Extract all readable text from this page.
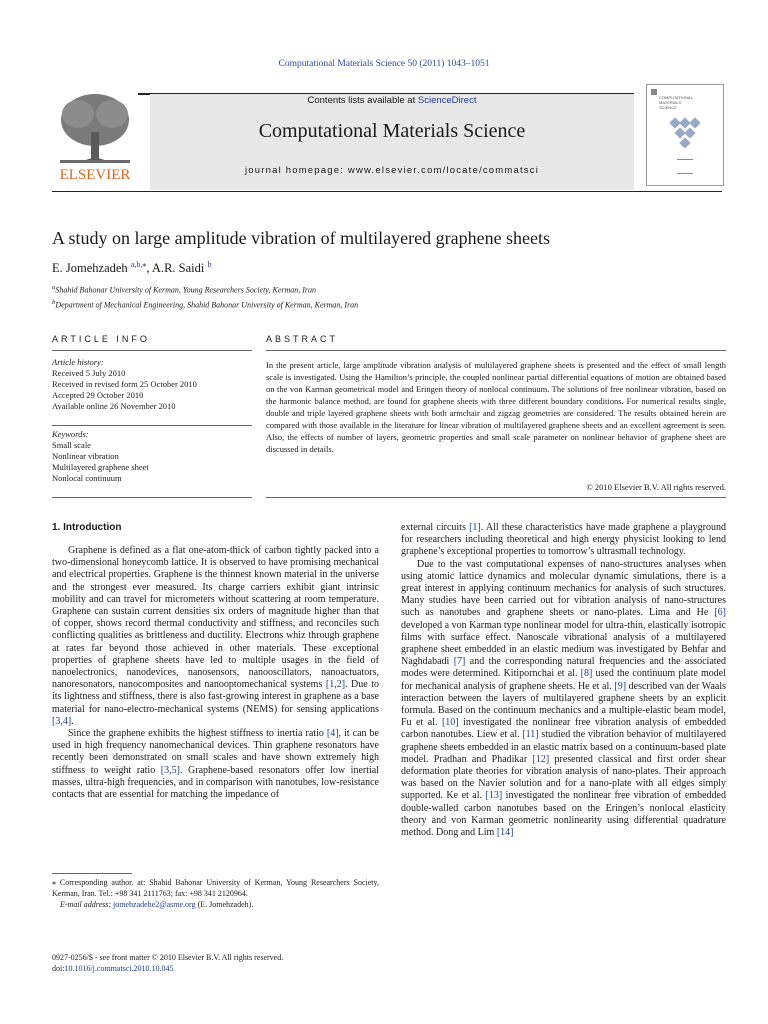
Computational Materials Science 50 (2011) 1043–1051
ELSEVIER
Contents lists available at ScienceDirect
Computational Materials Science
journal homepage: www.elsevier.com/locate/commatsci
COMPUTATIONAL
MATERIALS
SCIENCE
A study on large amplitude vibration of multilayered graphene sheets
E. Jomehzadeh $^{a,b,⁎}$, A.R. Saidi $^b$
$^a$Shahid Bahonar University of Kerman, Young Researchers Society, Kerman, Iran
$^b$Department of Mechanical Engineering, Shahid Bahonar University of Kerman, Kerman, Iran
ARTICLE INFO	ABSTRACT
Article history:
Received 5 July 2010
Received in revised form 25 October 2010
Accepted 29 October 2010
Available online 26 November 2010
Keywords:
Small scale
Nonlinear vibration
Multilayered graphene sheet
Nonlocal continuum
In the present article, large amplitude vibration analysis of multilayered graphene sheets is presented and the effect of small length scale is investigated. Using the Hamilton’s principle, the coupled nonlinear partial differential equations of motion are obtained based on the von Karman geometrical model and Eringen theory of nonlocal continuum. The solutions of free nonlinear vibration, based on the harmonic balance method, are found for graphene sheets with three different boundary conditions. For numerical results single, double and triple layered graphene sheets with both armchair and zigzag geometries are considered. The results obtained herein are compared with those available in the literature for linear vibration of multilayered graphene sheets and an excellent agreement is seen. Also, the effects of number of layers, geometric properties and small scale parameter on nonlinear behavior of graphene sheet are discussed in details.
© 2010 Elsevier B.V. All rights reserved.
1. Introduction

Graphene is defined as a flat one-atom-thick of carbon tightly packed into a two-dimensional honeycomb lattice. It is observed to have promising mechanical and electrical properties. Graphene is the thinnest known material in the universe and the strongest ever measured. Its charge carriers exhibit giant intrinsic mobility and can travel for micrometers without scattering at room temperature. Graphene can sustain current densities six orders of magnitude higher than that of copper, shows record thermal conductivity and stiffness, and reconciles such conflicting qualities as brittleness and ductility. Electrons whiz through graphene at rates far beyond those achieved in other materials. These exceptional properties of graphene sheets have led to multiple usages in the field of nanoelectronics, nanodevices, nanosensors, nanooscillators, nanoactuators, nanoresonators, nanocomposites and nanooptomechanical systems [1,2]. Due to its lightness and stiffness, there is also fast-growing interest in graphene as a base material for nano-electro-mechanical systems (NEMS) for sensing applications [3,4].

Since the graphene exhibits the highest stiffness to inertia ratio [4], it can be used in high frequency nanomechanical devices. Thin graphene resonators have recently been demonstrated on small scales and have shown extremely high stiffness to weight ratio [3,5]. Graphene-based resonators offer low inertial masses, ultra-high frequencies, and in comparison with nanotubes, low-resistance contacts that are essential for matching the impedance of

external circuits [1]. All these characteristics have made graphene a playground for researchers including theoretical and high energy physicist looking to lend graphene’s exceptional properties to tomorrow’s ultrasmall technology.

Due to the vast computational expenses of nano-structures analyses when using atomic lattice dynamics and molecular dynamic simulations, there is a great interest in applying continuum mechanics for analysis of such structures. Many studies have been carried out for vibration analysis of nano-structures such as nanotubes and graphene sheets or nano-plates. Lima and He [6] developed a von Karman type nonlinear model for ultra-thin, elastically isotropic films with surface effect. Nanoscale vibrational analysis of a multilayered graphene sheet embedded in an elastic medium was investigated by Behfar and Naghdabadi [7] and the corresponding natural frequencies and the associated modes were determined. Kitipornchai et al. [8] used the continuum plate model for mechanical analysis of graphene sheets. He et al. [9] described van der Waals interaction between the layers of multilayered graphene sheets by an explicit formula. Based on the continuum mechanics and a multiple-elastic beam model, Fu et al. [10] investigated the nonlinear free vibration analysis of embedded carbon nanotubes. Liew et al. [11] studied the vibration behavior of multilayered graphene sheets embedded in an elastic matrix based on a continuum-based plate model. Pradhan and Phadikar [12] presented classical and first order shear deformation plate theories for vibration analysis of nano-plates. Their approach was based on the Navier solution and for a nano-plate with all edges simply supported. Ke et al. [13] investigated the nonlinear free vibration of embedded double-walled carbon nanotubes based on the Eringen’s nonlocal elasticity theory and von Karman geometric nonlinearity using differential quadrature method. Dong and Lim [14]

⁎ Corresponding author. at: Shahid Bahonar University of Kerman, Young Researchers Society, Kerman, Iran. Tel.: +98 341 2111763; fax: +98 341 2120964.
E-mail address: jomehzadehe2@asme.org (E. Jomehzadeh).
0927-0256/$ - see front matter © 2010 Elsevier B.V. All rights reserved.
doi:10.1016/j.commatsci.2010.10.045
